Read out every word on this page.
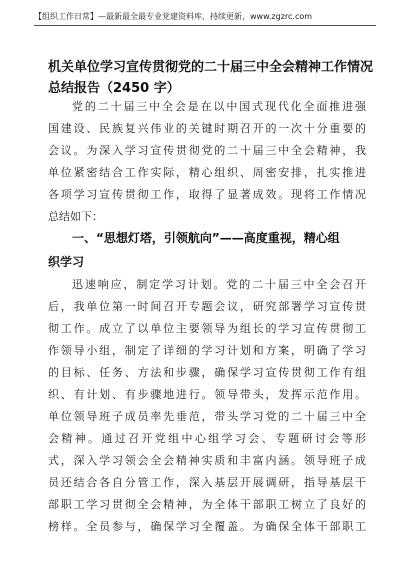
【组织工作日常】—最新最全最专业党建资料库，持续更新，www.zgzrc.com
机关单位学习宣传贯彻党的二十届三中全会精神工作情况
总结报告（2450 字）
党的二十届三中全会是在以中国式现代化全面推进强
国建设、民族复兴伟业的关键时期召开的一次十分重要的
会议。为深入学习宣传贯彻党的二十届三中全会精神，我
单位紧密结合工作实际，精心组织、周密安排，扎实推进
各项学习宣传贯彻工作，取得了显著成效。现将工作情况
总结如下：
一、“思想灯塔，引领航向”——高度重视，精心组
织学习
迅速响应，制定学习计划。党的二十届三中全会召开
后，我单位第一时间召开专题会议，研究部署学习宣传贯
彻工作。成立了以单位主要领导为组长的学习宣传贯彻工
作领导小组，制定了详细的学习计划和方案，明确了学习
的目标、任务、方法和步骤，确保学习宣传贯彻工作有组
织、有计划、有步骤地进行。领导带头，发挥示范作用。
单位领导班子成员率先垂范，带头学习党的二十届三中全
会精神。通过召开党组中心组学习会、专题研讨会等形
式，深入学习领会全会精神实质和丰富内涵。领导班子成
员还结合各自分管工作，深入基层开展调研，指导基层干
部职工学习贯彻全会精神，为全体干部职工树立了良好的
榜样。全员参与，确保学习全覆盖。为确保全体干部职工
